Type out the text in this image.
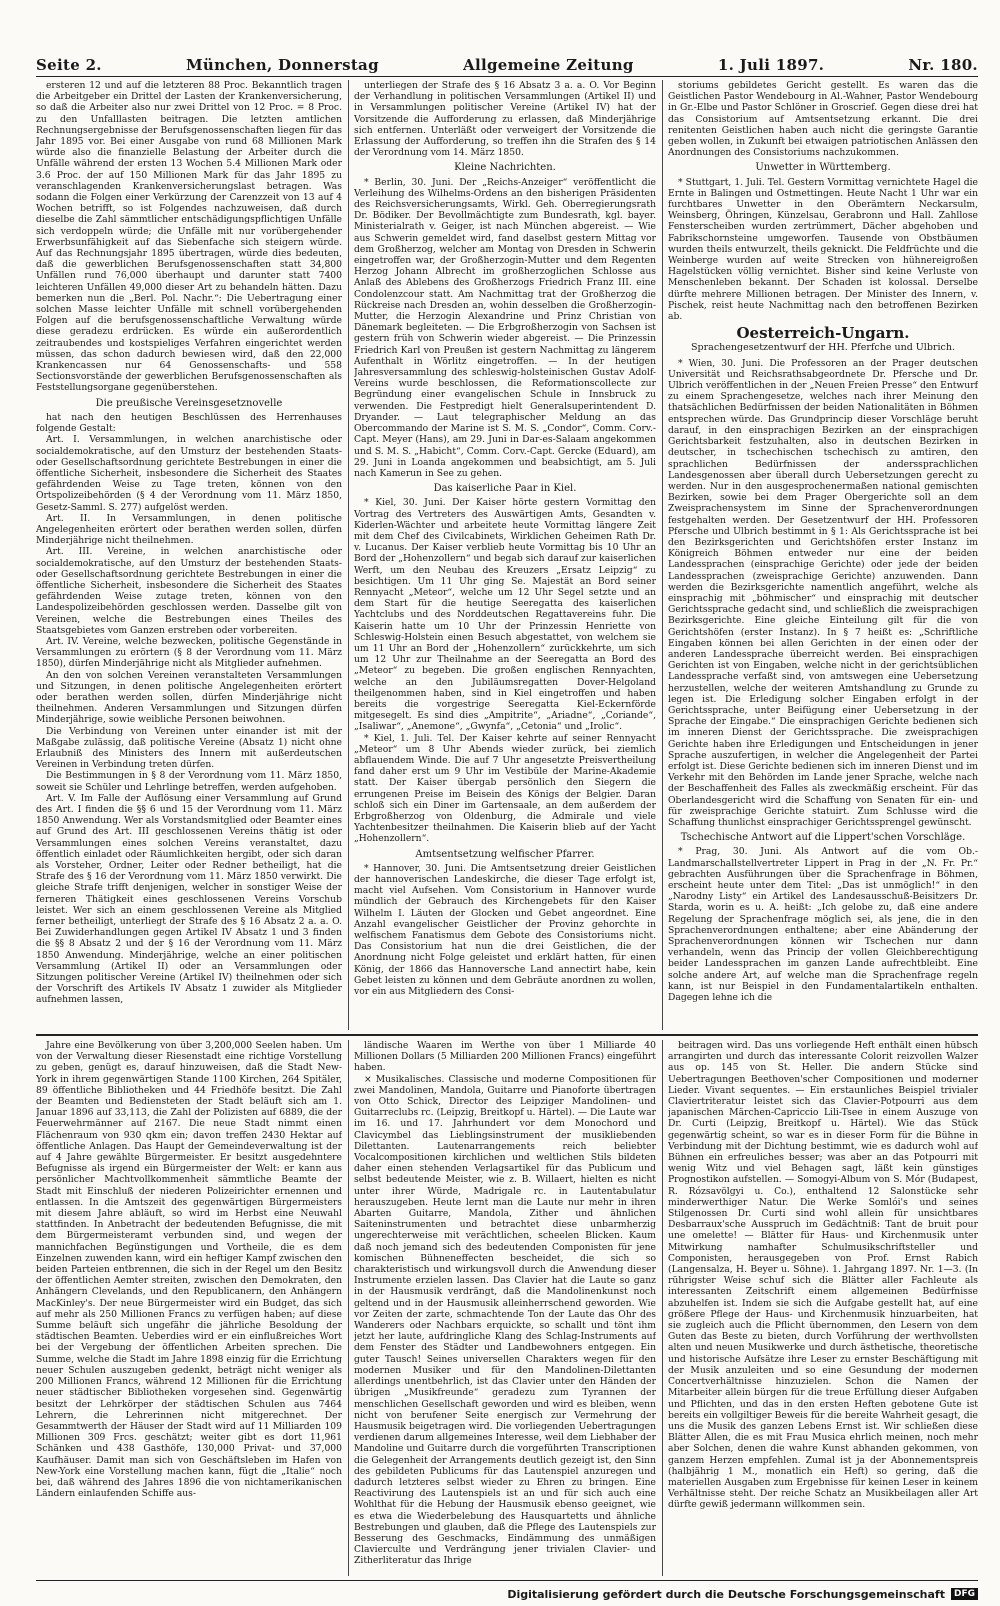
Seite 2.	München, Donnerstag	Allgemeine Zeitung	1. Juli 1897.	Nr. 180.

ersteren 12 und auf die letzteren 88 Proc. Bekanntlich tragen die Arbeitgeber ein Drittel der Lasten der Krankenversicherung, so daß die Arbeiter also nur zwei Drittel von 12 Proc. = 8 Proc. zu den Unfalllasten beitragen. Die letzten amtlichen Rechnungsergebnisse der Berufsgenossenschaften liegen für das Jahr 1895 vor. Bei einer Ausgabe von rund 68 Millionen Mark würde also die finanzielle Belastung der Arbeiter durch die Unfälle während der ersten 13 Wochen 5.4 Millionen Mark oder 3.6 Proc. der auf 150 Millionen Mark für das Jahr 1895 zu veranschlagenden Krankenversicherungslast betragen. Was sodann die Folgen einer Verkürzung der Carenzzeit von 13 auf 4 Wochen betrifft, so ist Folgendes nachzuweisen, daß durch dieselbe die Zahl sämmtlicher entschädigungspflichtigen Unfälle sich verdoppeln würde; die Unfälle mit nur vorübergehender Erwerbsunfähigkeit auf das Siebenfache sich steigern würde. Auf das Rechnungsjahr 1895 übertragen, würde dies bedeuten, daß die gewerblichen Berufsgenossenschaften statt 34,800 Unfällen rund 76,000 überhaupt und darunter statt 7400 leichteren Unfällen 49,000 dieser Art zu behandeln hätten. Dazu bemerken nun die „Berl. Pol. Nachr.“: Die Uebertragung einer solchen Masse leichter Unfälle mit schnell vorübergehenden Folgen auf die berufsgenossenschaftliche Verwaltung würde diese geradezu erdrücken. Es würde ein außerordentlich zeitraubendes und kostspieliges Verfahren eingerichtet werden müssen, das schon dadurch bewiesen wird, daß den 22,000 Krankencassen nur 64 Genossenschafts- und 558 Sectionsvorstände der gewerblichen Berufsgenossenschaften als Feststellungsorgane gegenüberstehen.

Die preußische Vereinsgesetznovelle

hat nach den heutigen Beschlüssen des Herrenhauses folgende Gestalt:

Art. I. Versammlungen, in welchen anarchistische oder socialdemokratische, auf den Umsturz der bestehenden Staats- oder Gesellschaftsordnung gerichtete Bestrebungen in einer die öffentliche Sicherheit, insbesondere die Sicherheit des Staates gefährdenden Weise zu Tage treten, können von den Ortspolizeibehörden (§ 4 der Verordnung vom 11. März 1850, Gesetz-Samml. S. 277) aufgelöst werden.

Art. II. In Versammlungen, in denen politische Angelegenheiten erörtert oder berathen werden sollen, dürfen Minderjährige nicht theilnehmen.

Art. III. Vereine, in welchen anarchistische oder socialdemokratische, auf den Umsturz der bestehenden Staats- oder Gesellschaftsordnung gerichtete Bestrebungen in einer die öffentliche Sicherheit, insbesondere die Sicherheit des Staates gefährdenden Weise zutage treten, können von den Landespolizeibehörden geschlossen werden. Dasselbe gilt von Vereinen, welche die Bestrebungen eines Theiles des Staatsgebietes vom Ganzen erstreben oder vorbereiten.

Art. IV. Vereine, welche bezwecken, politische Gegenstände in Versammlungen zu erörtern (§ 8 der Verordnung vom 11. März 1850), dürfen Minderjährige nicht als Mitglieder aufnehmen.

An den von solchen Vereinen veranstalteten Versammlungen und Sitzungen, in denen politische Angelegenheiten erörtert oder berathen werden sollen, dürfen Minderjährige nicht theilnehmen. Anderen Versammlungen und Sitzungen dürfen Minderjährige, sowie weibliche Personen beiwohnen.

Die Verbindung von Vereinen unter einander ist mit der Maßgabe zulässig, daß politische Vereine (Absatz 1) nicht ohne Erlaubniß des Ministers des Innern mit außerdeutschen Vereinen in Verbindung treten dürfen.

Die Bestimmungen in § 8 der Verordnung vom 11. März 1850, soweit sie Schüler und Lehrlinge betreffen, werden aufgehoben.

Art. V. Im Falle der Auflösung einer Versammlung auf Grund des Art. I finden die §§ 6 und 15 der Verordnung vom 11. März 1850 Anwendung. Wer als Vorstandsmitglied oder Beamter eines auf Grund des Art. III geschlossenen Vereins thätig ist oder Versammlungen eines solchen Vereins veranstaltet, dazu öffentlich einladet oder Räumlichkeiten hergibt, oder sich daran als Vorsteher, Ordner, Leiter oder Redner betheiligt, hat die Strafe des § 16 der Verordnung vom 11. März 1850 verwirkt. Die gleiche Strafe trifft denjenigen, welcher in sonstiger Weise der ferneren Thätigkeit eines geschlossenen Vereins Vorschub leistet. Wer sich an einem geschlossenen Vereine als Mitglied ferner betheiligt, unterliegt der Strafe des § 16 Absatz 2 a. a. O. Bei Zuwiderhandlungen gegen Artikel IV Absatz 1 und 3 finden die §§ 8 Absatz 2 und der § 16 der Verordnung vom 11. März 1850 Anwendung. Minderjährige, welche an einer politischen Versammlung (Artikel II) oder an Versammlungen oder Sitzungen politischer Vereine (Artikel IV) theilnehmen oder sich der Vorschrift des Artikels IV Absatz 1 zuwider als Mitglieder aufnehmen lassen,

unterliegen der Strafe des § 16 Absatz 3 a. a. O. Vor Beginn der Verhandlung in politischen Versammlungen (Artikel II) und in Versammlungen politischer Vereine (Artikel IV) hat der Vorsitzende die Aufforderung zu erlassen, daß Minderjährige sich entfernen. Unterläßt oder verweigert der Vorsitzende die Erlassung der Aufforderung, so treffen ihn die Strafen des § 14 der Verordnung vom 14. März 1850.

Kleine Nachrichten.

* Berlin, 30. Juni. Der „Reichs-Anzeiger“ veröffentlicht die Verleihung des Wilhelms-Ordens an den bisherigen Präsidenten des Reichsversicherungsamts, Wirkl. Geh. Oberregierungsrath Dr. Bödiker. Der Bevollmächtigte zum Bundesrath, kgl. bayer. Ministerialrath v. Geiger, ist nach München abgereist. — Wie aus Schwerin gemeldet wird, fand daselbst gestern Mittag vor dem Großherzog, welcher am Montag von Dresden in Schwerin eingetroffen war, der Großherzogin-Mutter und dem Regenten Herzog Johann Albrecht im großherzoglichen Schlosse aus Anlaß des Ablebens des Großherzogs Friedrich Franz III. eine Condolenzcour statt. Am Nachmittag trat der Großherzog die Rückreise nach Dresden an, wohin desselben die Großherzogin-Mutter, die Herzogin Alexandrine und Prinz Christian von Dänemark begleiteten. — Die Erbgroßherzogin von Sachsen ist gestern früh von Schwerin wieder abgereist. — Die Prinzessin Friedrich Karl von Preußen ist gestern Nachmittag zu längerem Aufenthalt in Wörlitz eingetroffen. — In der heutigen Jahresversammlung des schleswig-holsteinischen Gustav Adolf-Vereins wurde beschlossen, die Reformationscollecte zur Begründung einer evangelischen Schule in Innsbruck zu verwenden. Die Festpredigt hielt Generalsuperintendent D. Dryander. — Laut telegraphischer Meldung an das Obercommando der Marine ist S. M. S. „Condor“, Comm. Corv.-Capt. Meyer (Hans), am 29. Juni in Dar-es-Salaam angekommen und S. M. S. „Habicht“, Comm. Corv.-Capt. Gercke (Eduard), am 29. Juni in Loanda angekommen und beabsichtigt, am 5. Juli nach Kamerun in See zu gehen.

Das kaiserliche Paar in Kiel.

* Kiel, 30. Juni. Der Kaiser hörte gestern Vormittag den Vortrag des Vertreters des Auswärtigen Amts, Gesandten v. Kiderlen-Wächter und arbeitete heute Vormittag längere Zeit mit dem Chef des Civilcabinets, Wirklichen Geheimen Rath Dr. v. Lucanus. Der Kaiser verblieb heute Vormittag bis 10 Uhr an Bord der „Hohenzollern“ und begab sich darauf zur kaiserlichen Werft, um den Neubau des Kreuzers „Ersatz Leipzig“ zu besichtigen. Um 11 Uhr ging Se. Majestät an Bord seiner Rennyacht „Meteor“, welche um 12 Uhr Segel setzte und an dem Start für die heutige Seeregatta des kaiserlichen Yachtclubs und des Norddeutschen Regattavereins fuhr. Die Kaiserin hatte um 10 Uhr der Prinzessin Henriette von Schleswig-Holstein einen Besuch abgestattet, von welchem sie um 11 Uhr an Bord der „Hohenzollern“ zurückkehrte, um sich um 12 Uhr zur Theilnahme an der Seeregatta an Bord des „Meteor“ zu begeben. Die großen englischen Rennyachten, welche an den Jubiläumsregatten Dover-Helgoland theilgenommen haben, sind in Kiel eingetroffen und haben bereits die vorgestrige Seeregatta Kiel-Eckernförde mitgesegelt. Es sind dies „Ampitrite“, „Ariadne“, „Coriande“, „Isaliwar“, „Anemone“, „Gwynfa“, „Cetonia“ und „Irolic“.

* Kiel, 1. Juli. Tel. Der Kaiser kehrte auf seiner Rennyacht „Meteor“ um 8 Uhr Abends wieder zurück, bei ziemlich abflauendem Winde. Die auf 7 Uhr angesetzte Preisvertheilung fand daher erst um 9 Uhr im Vestibüle der Marine-Akademie statt. Der Kaiser übergab persönlich den Siegern die errungenen Preise im Beisein des Königs der Belgier. Daran schloß sich ein Diner im Gartensaale, an dem außerdem der Erbgroßherzog von Oldenburg, die Admirale und viele Yachtenbesitzer theilnahmen. Die Kaiserin blieb auf der Yacht „Hohenzollern“.

Amtsentsetzung welfischer Pfarrer.

* Hannover, 30. Juni. Die Amtsentsetzung dreier Geistlichen der hannoverischen Landeskirche, die dieser Tage erfolgt ist, macht viel Aufsehen. Vom Consistorium in Hannover wurde mündlich der Gebrauch des Kirchengebets für den Kaiser Wilhelm I. Läuten der Glocken und Gebet angeordnet. Eine Anzahl evangelischer Geistlicher der Provinz gehorchte in welfischem Fanatismus dem Gebote des Consistoriums nicht. Das Consistorium hat nun die drei Geistlichen, die der Anordnung nicht Folge geleistet und erklärt hatten, für einen König, der 1866 das Hannoversche Land annectirt habe, kein Gebet leisten zu können und dem Gebräute anordnen zu wollen, vor ein aus Mitgliedern des Consi-

storiums gebildetes Gericht gestellt. Es waren das die Geistlichen Pastor Wendebourg in Al.-Wahner, Pastor Wendebourg in Gr.-Elbe und Pastor Schlöner in Groscrief. Gegen diese drei hat das Consistorium auf Amtsentsetzung erkannt. Die drei renitenten Geistlichen haben auch nicht die geringste Garantie geben wollen, in Zukunft bei etwaigen patriotischen Anlässen den Anordnungen des Consistoriums nachzukommen.

Unwetter in Württemberg.

* Stuttgart, 1. Juli. Tel. Gestern Vormittag vernichtete Hagel die Ernte in Balingen und Ostmettingen. Heute Nacht 1 Uhr war ein furchtbares Unwetter in den Oberämtern Neckarsulm, Weinsberg, Öhringen, Künzelsau, Gerabronn und Hall. Zahllose Fensterscheiben wurden zertrümmert, Dächer abgehoben und Fabrikschornsteine umgeworfen. Tausende von Obstbäumen wurden theils entwurzelt, theils geknickt. Die Feldfrüchte und die Weinberge wurden auf weite Strecken von hühnereigroßen Hagelstücken völlig vernichtet. Bisher sind keine Verluste von Menschenleben bekannt. Der Schaden ist kolossal. Derselbe dürfte mehrere Millionen betragen. Der Minister des Innern, v. Pischek, reist heute Nachmittag nach den betroffenen Bezirken ab.

Oesterreich-Ungarn.

Sprachengesetzentwurf der HH. Pferfche und Ulbrich.

* Wien, 30. Juni. Die Professoren an der Prager deutschen Universität und Reichsrathsabgeordnete Dr. Pfersche und Dr. Ulbrich veröffentlichen in der „Neuen Freien Presse“ den Entwurf zu einem Sprachengesetze, welches nach ihrer Meinung den thatsächlichen Bedürfnissen der beiden Nationalitäten in Böhmen entsprechen würde. Das Grundprincip dieser Vorschläge beruht darauf, in den einsprachigen Bezirken an der einsprachigen Gerichtsbarkeit festzuhalten, also in deutschen Bezirken in deutscher, in tschechischen tschechisch zu amtiren, den sprachlichen Bedürfnissen der anderssprachlichen Landesgenossen aber überall durch Uebersetzungen gerecht zu werden. Nur in den ausgesprochenermaßen national gemischten Bezirken, sowie bei dem Prager Obergerichte soll an dem Zweisprachensystem im Sinne der Sprachenverordnungen festgehalten werden. Der Gesetzentwurf der HH. Professoren Pfersche und Ulbrich bestimmt in § 1: Als Gerichtssprache ist bei den Bezirksgerichten und Gerichtshöfen erster Instanz im Königreich Böhmen entweder nur eine der beiden Landessprachen (einsprachige Gerichte) oder jede der beiden Landessprachen (zweisprachige Gerichte) anzuwenden. Dann werden die Bezirksgerichte namentlich angeführt, welche als einsprachig mit „böhmischer“ und einsprachig mit deutscher Gerichtssprache gedacht sind, und schließlich die zweisprachigen Bezirksgerichte. Eine gleiche Einteilung gilt für die von Gerichtshöfen (erster Instanz). In § 7 heißt es: „Schriftliche Eingaben können bei allen Gerichten in der einen oder der anderen Landessprache überreicht werden. Bei einsprachigen Gerichten ist von Eingaben, welche nicht in der gerichtsüblichen Landessprache verfaßt sind, von amtswegen eine Uebersetzung herzustellen, welche der weiteren Amtshandlung zu Grunde zu legen ist. Die Erledigung solcher Eingaben erfolgt in der Gerichtssprache, unter Beifügung einer Uebersetzung in der Sprache der Eingabe.“ Die einsprachigen Gerichte bedienen sich im inneren Dienst der Gerichtssprache. Die zweisprachigen Gerichte haben ihre Erledigungen und Entscheidungen in jener Sprache auszufertigen, in welcher die Angelegenheit der Partei erfolgt ist. Diese Gerichte bedienen sich im inneren Dienst und im Verkehr mit den Behörden im Lande jener Sprache, welche nach der Beschaffenheit des Falles als zweckmäßig erscheint. Für das Oberlandesgericht wird die Schaffung von Senaten für ein- und für zweisprachige Gerichte statuirt. Zum Schlusse wird die Schaffung thunlichst einsprachiger Gerichtssprengel gewünscht.

Tschechische Antwort auf die Lippert'schen Vorschläge.

* Prag, 30. Juni. Als Antwort auf die vom Ob.-Landmarschallstellvertreter Lippert in Prag in der „N. Fr. Pr.“ gebrachten Ausführungen über die Sprachenfrage in Böhmen, erscheint heute unter dem Titel: „Das ist unmöglich!“ in den „Narodny Listy“ ein Artikel des Landesausschuß-Beisitzers Dr. Starda, worin es u. A. heißt: „Ich gelobe zu, daß eine andere Regelung der Sprachenfrage möglich sei, als jene, die in den Sprachenverordnungen enthaltene; aber eine Abänderung der Sprachenverordnungen können wir Tschechen nur dann verhandeln, wenn das Princip der vollen Gleichberechtigung beider Landessprachen im ganzen Lande aufrechtbleibt. Eine solche andere Art, auf welche man die Sprachenfrage regeln kann, ist nur Beispiel in den Fundamentalartikeln enthalten. Dagegen lehne ich die

Jahre eine Bevölkerung von über 3,200,000 Seelen haben. Um von der Verwaltung dieser Riesenstadt eine richtige Vorstellung zu geben, genügt es, darauf hinzuweisen, daß die Stadt New-York in ihrem gegenwärtigen Stande 1100 Kirchen, 264 Spitäler, 89 öffentliche Bibliotheken und 44 Friedhöfe besitzt. Die Zahl der Beamten und Bediensteten der Stadt beläuft sich am 1. Januar 1896 auf 33,113, die Zahl der Polizisten auf 6889, die der Feuerwehrmänner auf 2167. Die neue Stadt nimmt einen Flächenraum von 930 qkm ein; davon treffen 2430 Hektar auf öffentliche Anlagen. Das Haupt der Gemeindeverwaltung ist der auf 4 Jahre gewählte Bürgermeister. Er besitzt ausgedehntere Befugnisse als irgend ein Bürgermeister der Welt: er kann aus persönlicher Machtvollkommenheit sämmtliche Beamte der Stadt mit Einschluß der niederen Polizeirichter ernennen und entlassen. In die Amtszeit des gegenwärtigen Bürgermeisters mit diesem Jahre abläuft, so wird im Herbst eine Neuwahl stattfinden. In Anbetracht der bedeutenden Befugnisse, die mit dem Bürgermeisteramt verbunden sind, und wegen der mannichfachen Begünstigungen und Vortheile, die es dem Einzelnen zuwenden kann, wird ein heftiger Kampf zwischen den beiden Parteien entbrennen, die sich in der Regel um den Besitz der öffentlichen Aemter streiten, zwischen den Demokraten, den Anhängern Clevelands, und den Republicanern, den Anhängern MacKinley's. Der neue Bürgermeister wird ein Budget, das sich auf mehr als 250 Millionen Francs zu verfügen haben; auf diese Summe beläuft sich ungefähr die jährliche Besoldung der städtischen Beamten. Ueberdies wird er ein einflußreiches Wort bei der Vergebung der öffentlichen Arbeiten sprechen. Die Summe, welche die Stadt im Jahre 1898 einzig für die Errichtung neuer Schulen auszugeben gedenkt, beträgt nicht weniger als 200 Millionen Francs, während 12 Millionen für die Errichtung neuer städtischer Bibliotheken vorgesehen sind. Gegenwärtig besitzt der Lehrkörper der städtischen Schulen aus 7464 Lehrern, die Lehrerinnen nicht mitgerechnet. Der Gesammtwerth der Häuser der Stadt wird auf 11 Milliarden 109 Millionen 309 Frcs. geschätzt; weiter gibt es dort 11,961 Schänken und 438 Gasthöfe, 130,000 Privat- und 37,000 Kaufhäuser. Damit man sich von Geschäftsleben im Hafen von New-York eine Vorstellung machen kann, fügt die „Italie“ noch bei, daß während des Jahres 1896 die von nichtamerikanischen Ländern einlaufenden Schiffe aus-

ländische Waaren im Werthe von über 1 Milliarde 40 Millionen Dollars (5 Milliarden 200 Millionen Francs) eingeführt haben.

× Musikalisches. Classische und moderne Compositionen für zwei Mandolinen, Mandola, Guitarre und Pianoforte übertragen von Otto Schick, Director des Leipziger Mandolinen- und Guitarreclubs rc. (Leipzig, Breitkopf u. Härtel). — Die Laute war im 16. und 17. Jahrhundert vor dem Monochord und Clavicymbel das Lieblingsinstrument der musikliebenden Dilettanten. Lautenarrangements reich beliebter Vocalcompositionen kirchlichen und weltlichen Stils bildeten daher einen stehenden Verlagsartikel für das Publicum und selbst bedeutende Meister, wie z. B. Willaert, hielten es nicht unter ihrer Würde, Madrigale rc. in Lautentabulatur herauszugeben. Heute lernt man die Laute nur mehr in ihren Abarten Guitarre, Mandola, Zither und ähnlichen Saiteninstrumenten und betrachtet diese unbarmherzig ungerechterweise mit verächtlichen, scheelen Blicken. Kaum daß noch jemand sich des bedeutenden Componisten für jene komischen Bühneneffecten bescheidet, die sich so charakteristisch und wirkungsvoll durch die Anwendung dieser Instrumente erzielen lassen. Das Clavier hat die Laute so ganz in der Hausmusik verdrängt, daß die Mandolinenkunst noch geltend und in der Hausmusik alleinherrschend geworden. Wie vor Zeiten der zarte, schmachtende Ton der Laute das Ohr des Wanderers oder Nachbars erquickte, so schallt und tönt ihm jetzt her laute, aufdringliche Klang des Schlag-Instruments auf dem Fenster des Städter und Landbewohners entgegen. Ein guter Tausch! Seines universellen Charakters wegen für den modernen Musiker und für den Mandolinen-Dilettanten allerdings unentbehrlich, ist das Clavier unter den Händen der übrigen „Musikfreunde“ geradezu zum Tyrannen der menschlichen Gesellschaft geworden und wird es bleiben, wenn nicht von berufener Seite energisch zur Vermehrung der Hausmusik beigetragen wird. Die vorliegenden Uebertragungen verdienen darum allgemeines Interesse, weil dem Liebhaber der Mandoline und Guitarre durch die vorgeführten Transcriptionen die Gelegenheit der Arrangements deutlich gezeigt ist, den Sinn des gebildeten Publicums für das Lautenspiel anzuregen und dadurch letzteres selbst wieder zu Ehren zu bringen. Eine Reactivirung des Lautenspiels ist an und für sich auch eine Wohlthat für die Hebung der Hausmusik ebenso geeignet, wie es etwa die Wiederbelebung des Hausquartetts und ähnliche Bestrebungen und glauben, daß die Pflege des Lautenspiels zur Besserung des Geschmacks, Eindämmung des unmäßigen Clavierculte und Verdrängung jener trivialen Clavier- und Zitherliteratur das Ihrige

beitragen wird. Das uns vorliegende Heft enthält einen hübsch arrangirten und durch das interessante Colorit reizvollen Walzer aus op. 145 von St. Heller. Die andern Stücke sind Uebertragungen Beethoven'scher Compositionen und moderner Lieder. Vivant sequentes. — Ein erstaunliches Beispiel trivialer Claviertriteratur leistet sich das Clavier-Potpourri aus dem japanischen Märchen-Capriccio Lili-Tsee in einem Auszuge von Dr. Curti (Leipzig, Breitkopf u. Härtel). Wie das Stück gegenwärtig scheint, so war es in dieser Form für die Bühne in Verbindung mit der Dichtung bestimmt, wie es dadurch wohl auf Bühnen ein erfreuliches besser; was aber an das Potpourri mit wenig Witz und viel Behagen sagt, läßt kein günstiges Prognostikon aufstellen. — Somogyi-Album von S. Mór (Budapest, R. Rózsavölgyi u. Co.), enthaltend 12 Salonstücke sehr minderwerthiger Natur. Die Werke Somlói's und seines Stilgenossen Dr. Curti sind wohl allein für unsichtbares Desbarraux'sche Ausspruch im Gedächtniß: Tant de bruit pour une omelette! — Blätter für Haus- und Kirchenmusik unter Mitwirkung namhafter Schulmusikschriftsteller und Componisten, herausgegeben von Prof. Ernst Rabich (Langensalza, H. Beyer u. Söhne). 1. Jahrgang 1897. Nr. 1—3. (In rührigster Weise schuf sich die Blätter aller Fachleute als interessanten Zeitschrift einem allgemeinen Bedürfnisse abzuhelfen ist. Indem sie sich die Aufgabe gestellt hat, auf eine größere Pflege der Haus- und Kirchenmusik hinzuarbeiten, hat sie zugleich auch die Pflicht übernommen, den Lesern von dem Guten das Beste zu bieten, durch Vorführung der werthvollsten alten und neuen Musikwerke und durch ästhetische, theoretische und historische Aufsätze ihre Leser zu ernster Beschäftigung mit der Musik anzuleiten und so eine Gesundung der modernen Concertverhältnisse hinzuzielen. Schon die Namen der Mitarbeiter allein bürgen für die treue Erfüllung dieser Aufgaben und Pflichten, und das in den ersten Heften gebotene Gute ist bereits ein vollgiltiger Beweis für die bereite Wahrheit gesagt, die uns die Musik des ganzen Lebens Ernst ist. Wir schließen diese Blätter Allen, die es mit Frau Musica ehrlich meinen, noch mehr aber Solchen, denen die wahre Kunst abhanden gekommen, von ganzem Herzen empfehlen. Zumal ist ja der Abonnementspreis (halbjährig 1 M., monatlich ein Heft) so gering, daß die materiellen Ausgaben zum Ergebnisse für keinen Leser in keinem Verhältnisse steht. Der reiche Schatz an Musikbeilagen aller Art dürfte gewiß jedermann willkommen sein.

Digitalisierung gefördert durch die Deutsche Forschungsgemeinschaft	DFG
